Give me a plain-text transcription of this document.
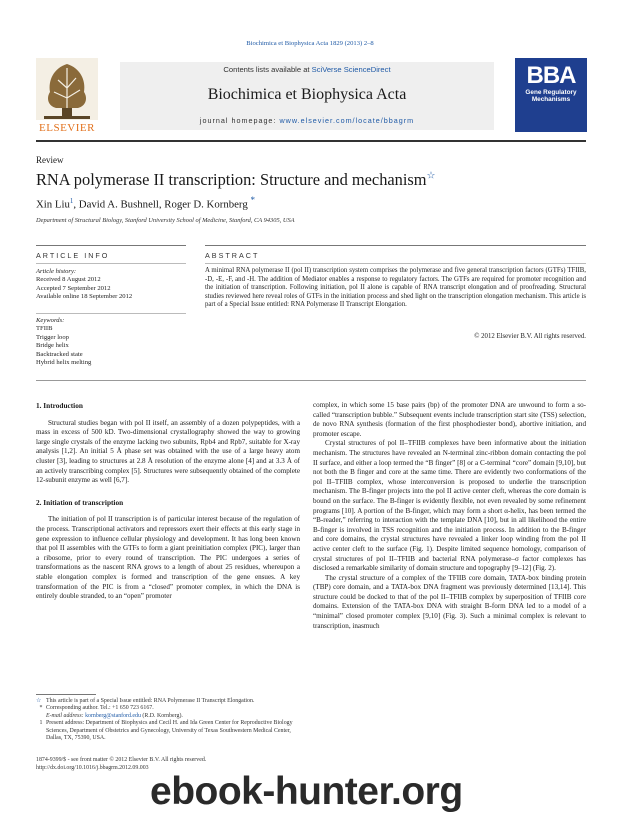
Biochimica et Biophysica Acta 1829 (2013) 2–8
ELSEVIER
Contents lists available at SciVerse ScienceDirect
Biochimica et Biophysica Acta
journal homepage: www.elsevier.com/locate/bbagrm
BBA
Gene Regulatory Mechanisms
Review
RNA polymerase II transcription: Structure and mechanism☆
Xin Liu$^1$, David A. Bushnell, Roger D. Kornberg *
Department of Structural Biology, Stanford University School of Medicine, Stanford, CA 94305, USA
ARTICLE INFO
Article history:
Received 8 August 2012
Accepted 7 September 2012
Available online 18 September 2012
Keywords:
TFIIB
Trigger loop
Bridge helix
Backtracked state
Hybrid helix melting
ABSTRACT
A minimal RNA polymerase II (pol II) transcription system comprises the polymerase and five general transcription factors (GTFs) TFIIB, -D, -E, -F, and -H. The addition of Mediator enables a response to regulatory factors. The GTFs are required for promoter recognition and the initiation of transcription. Following initiation, pol II alone is capable of RNA transcript elongation and of proofreading. Structural studies reviewed here reveal roles of GTFs in the initiation process and shed light on the transcription elongation mechanism. This article is part of a Special Issue entitled: RNA Polymerase II Transcript Elongation.
© 2012 Elsevier B.V. All rights reserved.
1. Introduction

Structural studies began with pol II itself, an assembly of a dozen polypeptides, with a mass in excess of 500 kD. Two-dimensional crystallography showed the way to growing large single crystals of the enzyme lacking two subunits, Rpb4 and Rpb7, suitable for X-ray analysis [1,2]. An initial 5 Å phase set was obtained with the use of a large heavy atom cluster [3], leading to structures at 2.8 Å resolution of the enzyme alone [4] and at 3.3 Å of an actively transcribing complex [5]. Structures were subsequently obtained of the complete 12-subunit enzyme as well [6,7].

2. Initiation of transcription

The initiation of pol II transcription is of particular interest because of the regulation of the process. Transcriptional activators and repressors exert their effects at this early stage in gene expression to influence cellular physiology and development. It has long been known that pol II assembles with the GTFs to form a giant preinitiation complex (PIC), larger than a ribosome, prior to every round of transcription. The PIC undergoes a series of transformations as the nascent RNA grows to a length of about 25 residues, whereupon a stable elongation complex is formed and transcription of the gene ensues. A key transformation of the PIC is from a “closed” promoter complex, in which the DNA is entirely double stranded, to an “open” promoter

☆ This article is part of a Special Issue entitled: RNA Polymerase II Transcript Elongation.
* Corresponding author. Tel.: +1 650 723 6167.
E-mail address: kornberg@stanford.edu (R.D. Kornberg).
1 Present address: Department of Biophysics and Cecil H. and Ida Green Center for Reproductive Biology Sciences, Department of Obstetrics and Gynecology, University of Texas Southwestern Medical Center, Dallas, TX, 75390, USA.
1874-9399/$ - see front matter © 2012 Elsevier B.V. All rights reserved.
http://dx.doi.org/10.1016/j.bbagrm.2012.09.003

complex, in which some 15 base pairs (bp) of the promoter DNA are unwound to form a so-called “transcription bubble.” Subsequent events include transcription start site (TSS) selection, de novo RNA synthesis (formation of the first phosphodiester bond), abortive initiation, and promoter escape.

Crystal structures of pol II–TFIIB complexes have been informative about the initiation mechanism. The structures have revealed an N-terminal zinc-ribbon domain contacting the pol II surface, and either a loop termed the “B finger” [8] or a C-terminal “core” domain [9,10], but not both the B finger and core at the same time. There are evidently two conformations of the pol II–TFIIB complex, whose interconversion is proposed to underlie the transcription mechanism. The B-finger projects into the pol II active center cleft, whereas the core domain is bound on the surface. The B-finger is evidently flexible, not even revealed by some refinement programs [10]. A portion of the B-finger, which may form a short α-helix, has been termed the “B-reader,” referring to interaction with the template DNA [10], but in all likelihood the entire B-finger is involved in TSS recognition and the initiation process. In addition to the B-finger and core domains, the crystal structures have revealed a linker loop winding from the pol II active center cleft to the surface (Fig. 1). Despite limited sequence homology, comparison of crystal structures of pol II–TFIIB and bacterial RNA polymerase–σ factor complexes has disclosed a remarkable similarity of domain structure and topography [9–12] (Fig. 2).

The crystal structure of a complex of the TFIIB core domain, TATA-box binding protein (TBP) core domain, and a TATA-box DNA fragment was previously determined [13,14]. This structure could be docked to that of the pol II–TFIIB complex by superposition of TFIIB core domains. Extension of the TATA-box DNA with straight B-form DNA led to a model of a “minimal” closed promoter complex [9,10] (Fig. 3). Such a minimal complex is relevant to transcription, inasmuch

ebook-hunter.org
